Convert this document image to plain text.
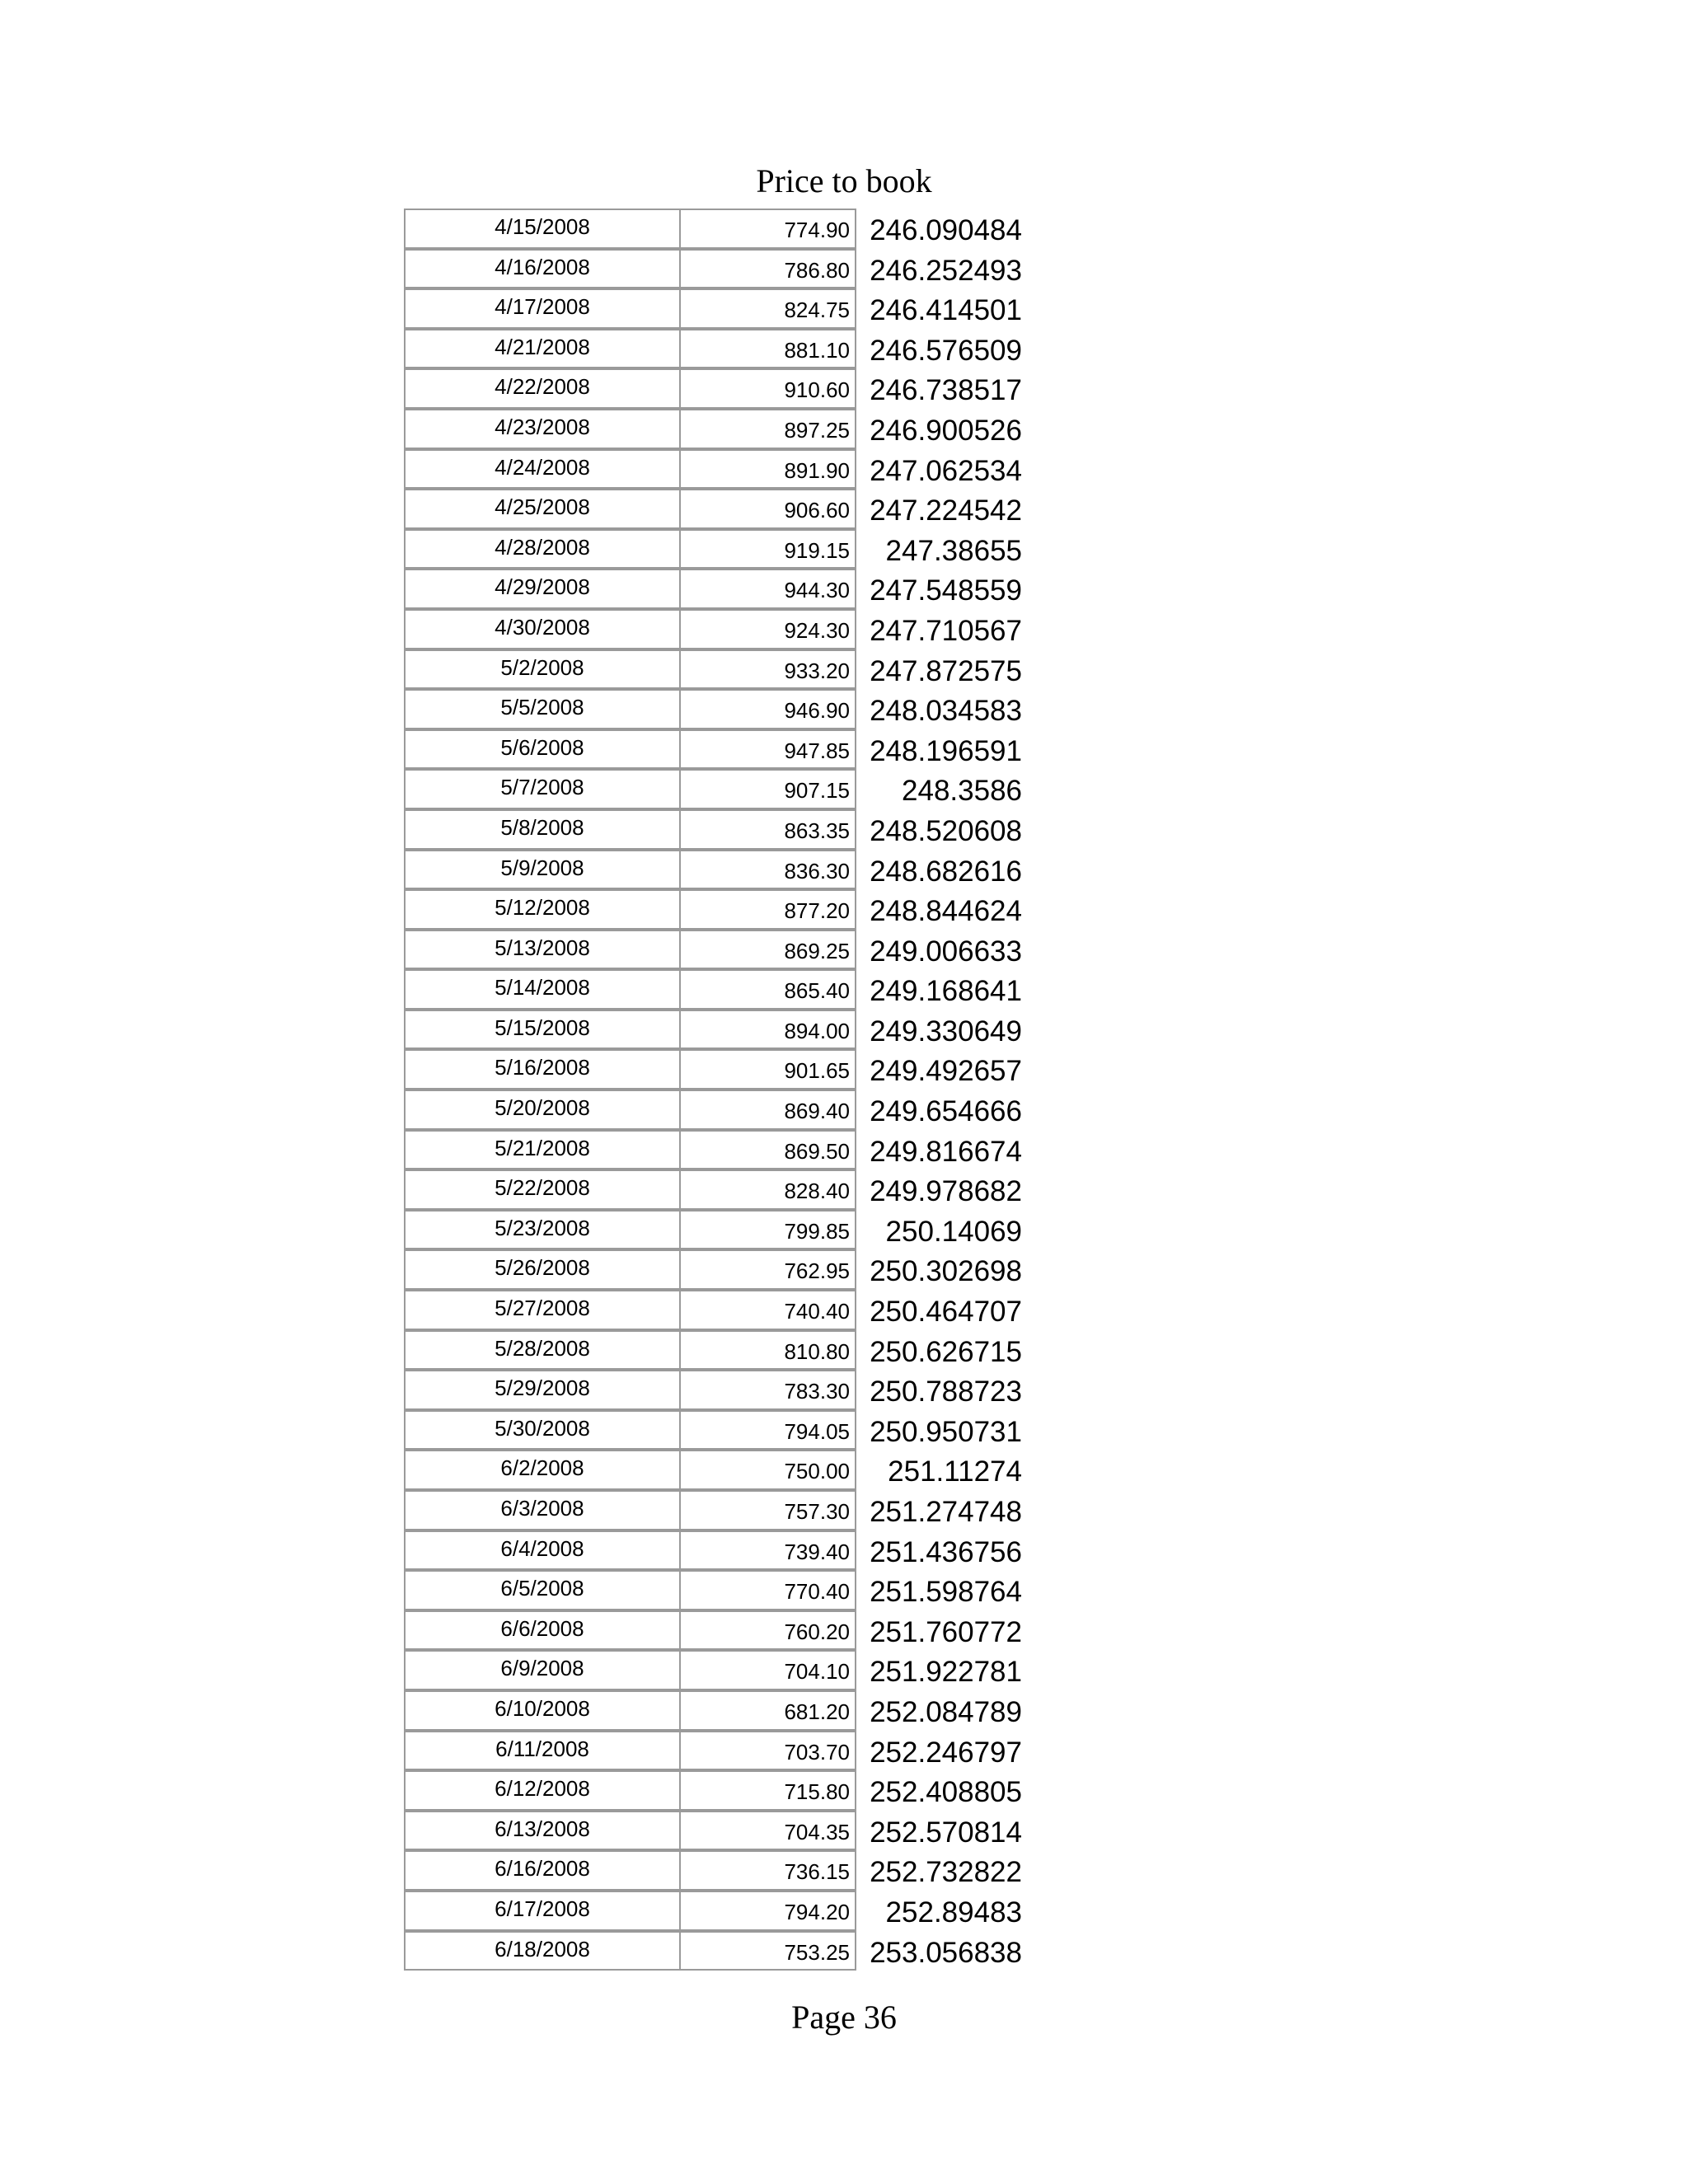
Price to book
4/15/2008	774.90 246.090484
4/16/2008	786.80 246.252493
4/17/2008	824.75 246.414501
4/21/2008	881.10 246.576509
4/22/2008	910.60 246.738517
4/23/2008	897.25 246.900526
4/24/2008	891.90 247.062534
4/25/2008	906.60 247.224542
4/28/2008	919.15	247.38655
4/29/2008	944.30 247.548559
4/30/2008	924.30 247.710567
5/2/2008	933.20 247.872575
5/5/2008	946.90 248.034583
5/6/2008	947.85 248.196591
5/7/2008	907.15	248.3586
5/8/2008	863.35 248.520608
5/9/2008	836.30 248.682616
5/12/2008	877.20 248.844624
5/13/2008	869.25 249.006633
5/14/2008	865.40 249.168641
5/15/2008	894.00 249.330649
5/16/2008	901.65 249.492657
5/20/2008	869.40 249.654666
5/21/2008	869.50 249.816674
5/22/2008	828.40 249.978682
5/23/2008	799.85	250.14069
5/26/2008	762.95 250.302698
5/27/2008	740.40 250.464707
5/28/2008	810.80 250.626715
5/29/2008	783.30 250.788723
5/30/2008	794.05 250.950731
6/2/2008	750.00	251.11274
6/3/2008	757.30 251.274748
6/4/2008	739.40 251.436756
6/5/2008	770.40 251.598764
6/6/2008	760.20 251.760772
6/9/2008	704.10 251.922781
6/10/2008	681.20 252.084789
6/11/2008	703.70 252.246797
6/12/2008	715.80 252.408805
6/13/2008	704.35 252.570814
6/16/2008	736.15 252.732822
6/17/2008	794.20	252.89483
6/18/2008	753.25 253.056838
Page 36
